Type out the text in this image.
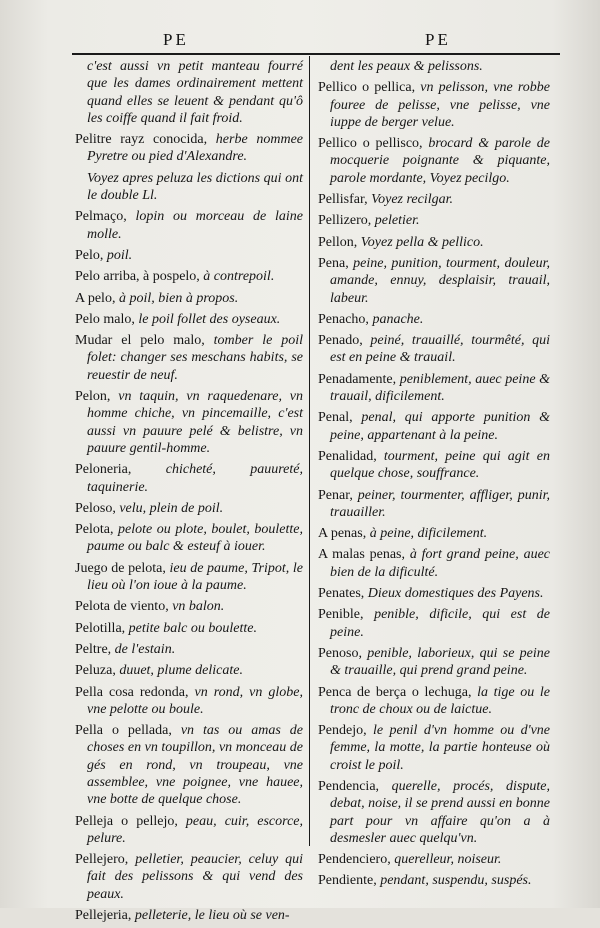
PE	PE
c'est aussi vn petit manteau fourré que les dames ordinairement mettent quand elles se leuent & pendant qu'ô les coiffe quand il fait froid.
Pelitre rayz conocida, herbe nommee Pyretre ou pied d'Alexandre.
Voyez apres peluza les dictions qui ont le double Ll.
Pelmaço, lopin ou morceau de laine molle.
Pelo, poil.
Pelo arriba, à pospelo, à contrepoil.
A pelo, à poil, bien à propos.
Pelo malo, le poil follet des oyseaux.
Mudar el pelo malo, tomber le poil folet: changer ses meschans habits, se reuestir de neuf.
Pelon, vn taquin, vn raquedenare, vn homme chiche, vn pincemaille, c'est aussi vn pauure pelé & belistre, vn pauure gentil-homme.
Peloneria, chicheté, pauureté, taquinerie.
Peloso, velu, plein de poil.
Pelota, pelote ou plote, boulet, boulette, paume ou balc & esteuf à iouer.
Juego de pelota, ieu de paume, Tripot, le lieu où l'on ioue à la paume.
Pelota de viento, vn balon.
Pelotilla, petite balc ou boulette.
Peltre, de l'estain.
Peluza, duuet, plume delicate.
Pella cosa redonda, vn rond, vn globe, vne pelotte ou boule.
Pella o pellada, vn tas ou amas de choses en vn toupillon, vn monceau de gés en rond, vn troupeau, vne assemblee, vne poignee, vne hauee, vne botte de quelque chose.
Pelleja o pellejo, peau, cuir, escorce, pelure.
Pellejero, pelletier, peaucier, celuy qui fait des pelissons & qui vend des peaux.
Pellejeria, pelleterie, le lieu où se ven-
dent les peaux & pelissons.
Pellico o pellica, vn pelisson, vne robbe fouree de pelisse, vne pelisse, vne iuppe de berger velue.
Pellico o pellisco, brocard & parole de mocquerie poignante & piquante, parole mordante, Voyez pecilgo.
Pellisfar, Voyez recilgar.
Pellizero, peletier.
Pellon, Voyez pella & pellico.
Pena, peine, punition, tourment, douleur, amande, ennuy, desplaisir, trauail, labeur.
Penacho, panache.
Penado, peiné, trauaillé, tourmêté, qui est en peine & trauail.
Penadamente, peniblement, auec peine & trauail, dificilement.
Penal, penal, qui apporte punition & peine, appartenant à la peine.
Penalidad, tourment, peine qui agit en quelque chose, souffrance.
Penar, peiner, tourmenter, affliger, punir, trauailler.
A penas, à peine, dificilement.
A malas penas, à fort grand peine, auec bien de la dificulté.
Penates, Dieux domestiques des Payens.
Penible, penible, dificile, qui est de peine.
Penoso, penible, laborieux, qui se peine & trauaille, qui prend grand peine.
Penca de berça o lechuga, la tige ou le tronc de choux ou de laictue.
Pendejo, le penil d'vn homme ou d'vne femme, la motte, la partie honteuse où croist le poil.
Pendencia, querelle, procés, dispute, debat, noise, il se prend aussi en bonne part pour vn affaire qu'on a à desmesler auec quelqu'vn.
Pendenciero, querelleur, noiseur.
Pendiente, pendant, suspendu, suspés.
